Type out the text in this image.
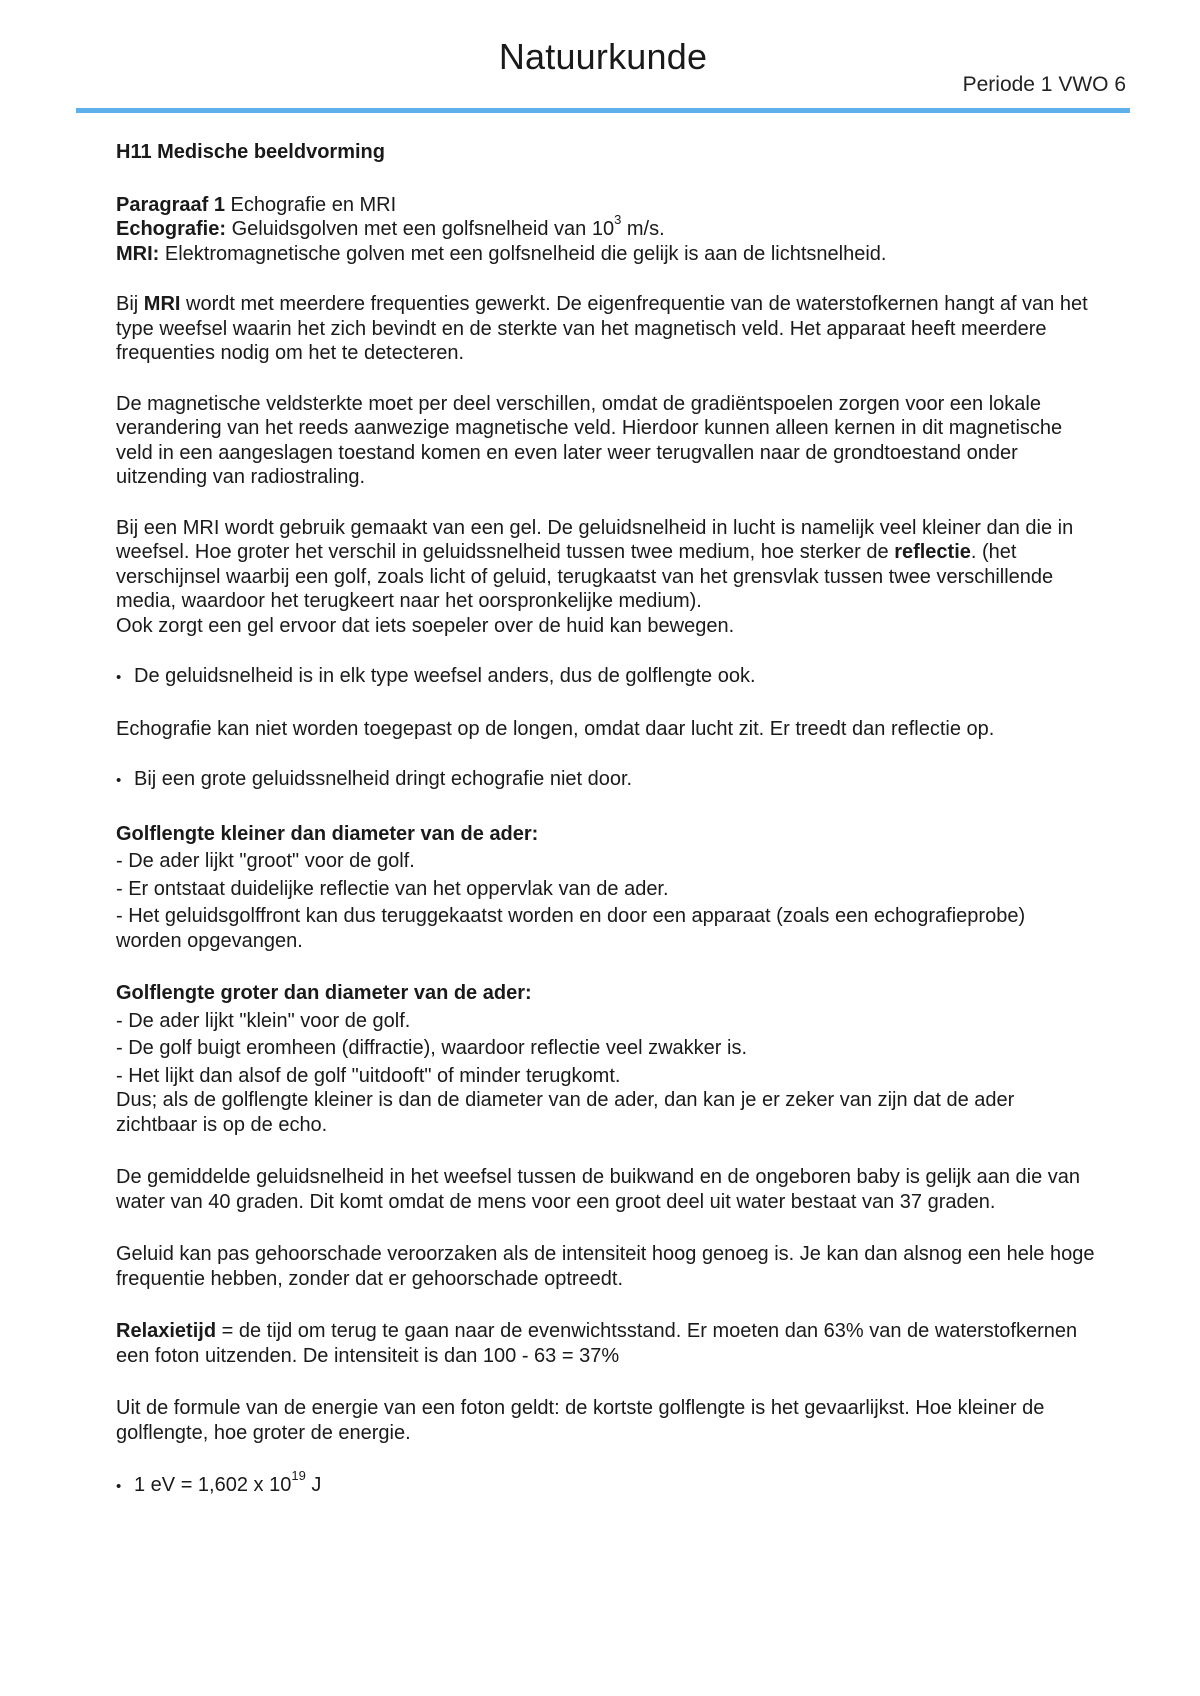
Natuurkunde
Periode 1 VWO 6

H11 Medische beeldvorming

Paragraaf 1 Echografie en MRI

Echografie: Geluidsgolven met een golfsnelheid van $10^3$ m/s.

MRI: Elektromagnetische golven met een golfsnelheid die gelijk is aan de lichtsnelheid.

Bij MRI wordt met meerdere frequenties gewerkt. De eigenfrequentie van de waterstofkernen hangt af van het type weefsel waarin het zich bevindt en de sterkte van het magnetisch veld. Het apparaat heeft meerdere frequenties nodig om het te detecteren.

De magnetische veldsterkte moet per deel verschillen, omdat de gradiëntspoelen zorgen voor een lokale verandering van het reeds aanwezige magnetische veld. Hierdoor kunnen alleen kernen in dit magnetische veld in een aangeslagen toestand komen en even later weer terugvallen naar de grondtoestand onder uitzending van radiostraling.

Bij een MRI wordt gebruik gemaakt van een gel. De geluidsnelheid in lucht is namelijk veel kleiner dan die in weefsel. Hoe groter het verschil in geluidssnelheid tussen twee medium, hoe sterker de reflectie. (het verschijnsel waarbij een golf, zoals licht of geluid, terugkaatst van het grensvlak tussen twee verschillende media, waardoor het terugkeert naar het oorspronkelijke medium).

Ook zorgt een gel ervoor dat iets soepeler over de huid kan bewegen.

• De geluidsnelheid is in elk type weefsel anders, dus de golflengte ook.

Echografie kan niet worden toegepast op de longen, omdat daar lucht zit. Er treedt dan reflectie op.

• Bij een grote geluidssnelheid dringt echografie niet door.

Golflengte kleiner dan diameter van de ader:

- De ader lijkt "groot" voor de golf.

- Er ontstaat duidelijke reflectie van het oppervlak van de ader.

- Het geluidsgolffront kan dus teruggekaatst worden en door een apparaat (zoals een echografieprobe) worden opgevangen.

Golflengte groter dan diameter van de ader:

- De ader lijkt "klein" voor de golf.

- De golf buigt eromheen (diffractie), waardoor reflectie veel zwakker is.

- Het lijkt dan alsof de golf "uitdooft" of minder terugkomt.

Dus; als de golflengte kleiner is dan de diameter van de ader, dan kan je er zeker van zijn dat de ader zichtbaar is op de echo.

De gemiddelde geluidsnelheid in het weefsel tussen de buikwand en de ongeboren baby is gelijk aan die van water van 40 graden. Dit komt omdat de mens voor een groot deel uit water bestaat van 37 graden.

Geluid kan pas gehoorschade veroorzaken als de intensiteit hoog genoeg is. Je kan dan alsnog een hele hoge frequentie hebben, zonder dat er gehoorschade optreedt.

Relaxietijd = de tijd om terug te gaan naar de evenwichtsstand. Er moeten dan 63% van de waterstofkernen een foton uitzenden. De intensiteit is dan 100 - 63 = 37%

Uit de formule van de energie van een foton geldt: de kortste golflengte is het gevaarlijkst. Hoe kleiner de golflengte, hoe groter de energie.

• 1 eV = 1,602 x $10^{19}$ J
